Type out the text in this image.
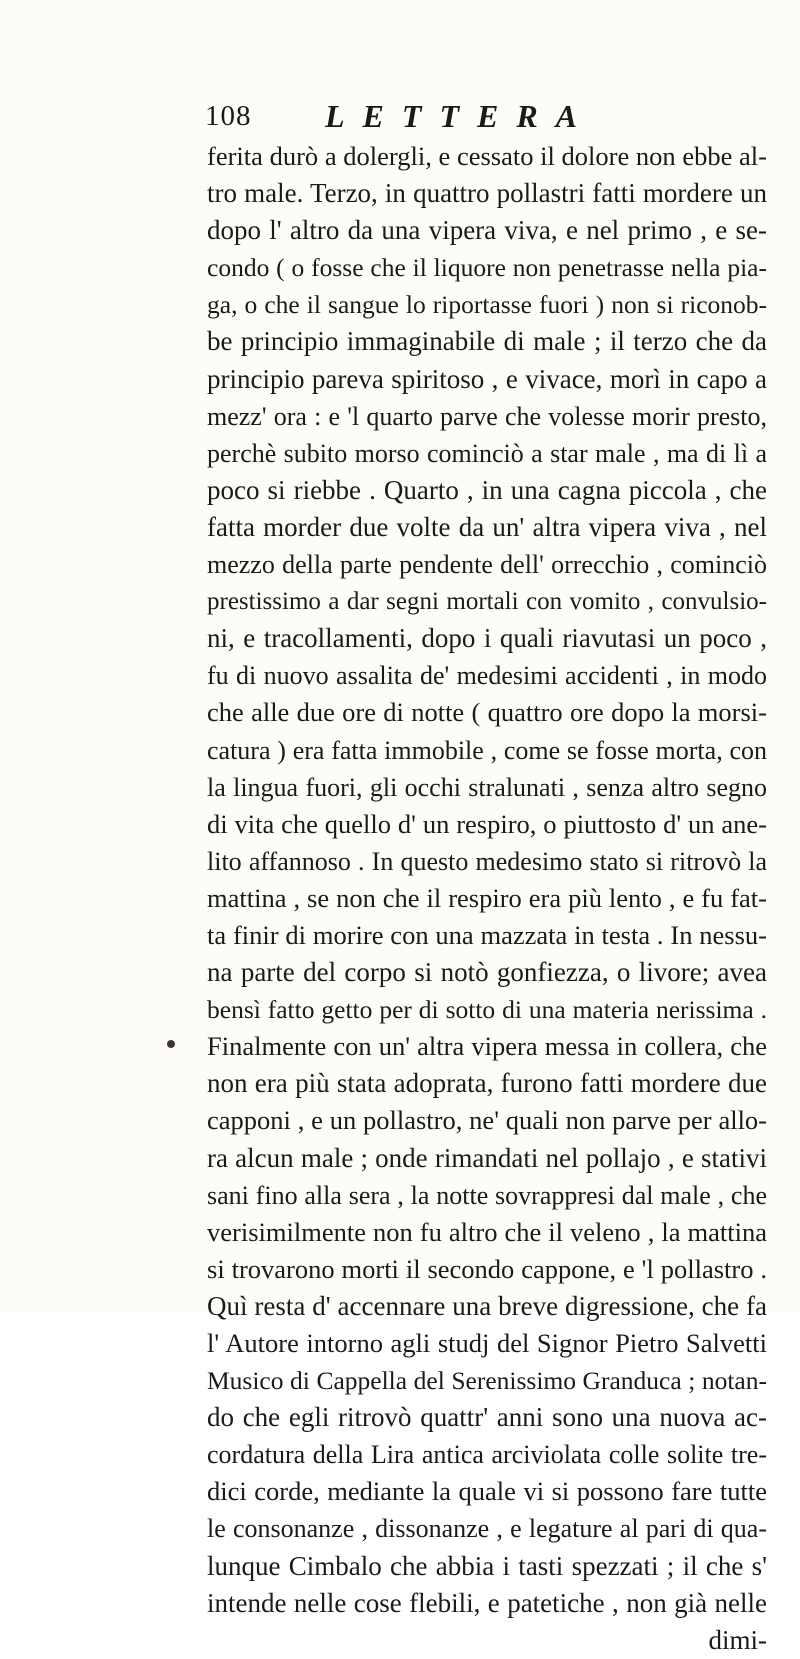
108 LETTERA
ferita durò a dolergli, e cessato il dolore non ebbe al-
tro male. Terzo, in quattro pollastri fatti mordere un
dopo l' altro da una vipera viva, e nel primo , e se-
condo ( o fosse che il liquore non penetrasse nella pia-
ga, o che il sangue lo riportasse fuori ) non si riconob-
be principio immaginabile di male ; il terzo che da
principio pareva spiritoso , e vivace, morì in capo a
mezz' ora : e 'l quarto parve che volesse morir presto,
perchè subito morso cominciò a star male , ma di lì a
poco si riebbe . Quarto , in una cagna piccola , che
fatta morder due volte da un' altra vipera viva , nel
mezzo della parte pendente dell' orrecchio , cominciò
prestissimo a dar segni mortali con vomito , convulsio-
ni, e tracollamenti, dopo i quali riavutasi un poco ,
fu di nuovo assalita de' medesimi accidenti , in modo
che alle due ore di notte ( quattro ore dopo la morsi-
catura ) era fatta immobile , come se fosse morta, con
la lingua fuori, gli occhi stralunati , senza altro segno
di vita che quello d' un respiro, o piuttosto d' un ane-
lito affannoso . In questo medesimo stato si ritrovò la
mattina , se non che il respiro era più lento , e fu fat-
ta finir di morire con una mazzata in testa . In nessu-
na parte del corpo si notò gonfiezza, o livore; avea
bensì fatto getto per di sotto di una materia nerissima .
Finalmente con un' altra vipera messa in collera, che
non era più stata adoprata, furono fatti mordere due
capponi , e un pollastro, ne' quali non parve per allo-
ra alcun male ; onde rimandati nel pollajo , e stativi
sani fino alla sera , la notte sovrappresi dal male , che
verisimilmente non fu altro che il veleno , la mattina
si trovarono morti il secondo cappone, e 'l pollastro .
Quì resta d' accennare una breve digressione, che fa
l' Autore intorno agli studj del Signor Pietro Salvetti
Musico di Cappella del Serenissimo Granduca ; notan-
do che egli ritrovò quattr' anni sono una nuova ac-
cordatura della Lira antica arciviolata colle solite tre-
dici corde, mediante la quale vi si possono fare tutte
le consonanze , dissonanze , e legature al pari di qua-
lunque Cimbalo che abbia i tasti spezzati ; il che s'
intende nelle cose flebili, e patetiche , non già nelle
dimi-
